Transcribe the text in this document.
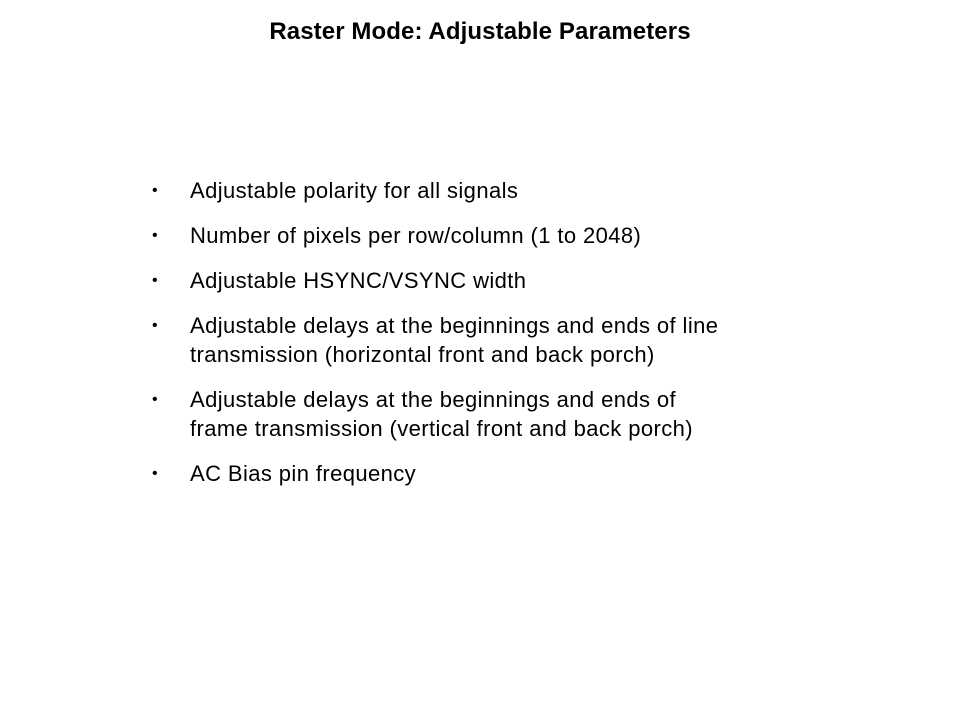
Raster Mode: Adjustable Parameters
•	Adjustable polarity for all signals
•	Number of pixels per row/column (1 to 2048)
•	Adjustable HSYNC/VSYNC width
•	Adjustable delays at the beginnings and ends of line
transmission (horizontal front and back porch)
•	Adjustable delays at the beginnings and ends of
frame transmission (vertical front and back porch)
•	AC Bias pin frequency
